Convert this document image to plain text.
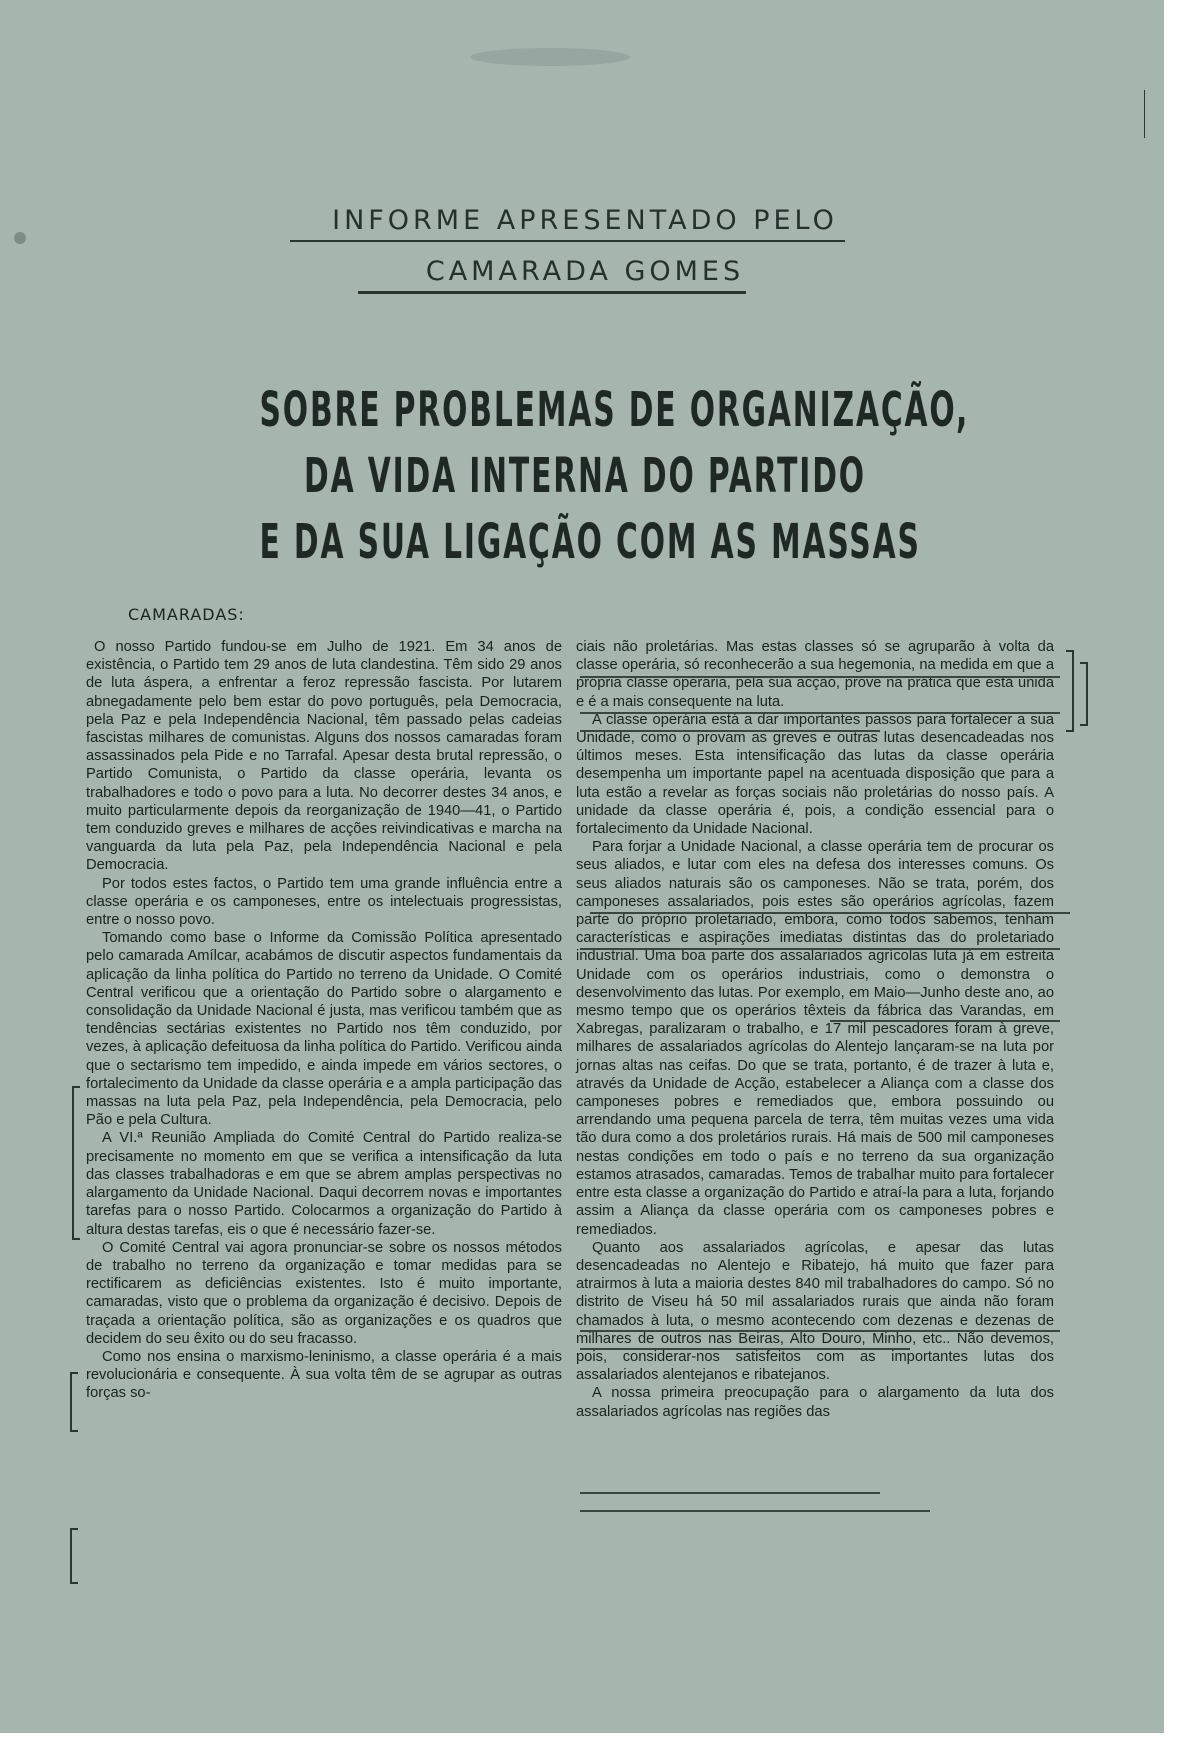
INFORME APRESENTADO PELO
CAMARADA GOMES
SOBRE PROBLEMAS DE ORGANIZAÇÃO,
DA VIDA INTERNA DO PARTIDO
E DA SUA LIGAÇÃO COM AS MASSAS
CAMARADAS:

O nosso Partido fundou-se em Julho de 1921. Em 34 anos de existência, o Partido tem 29 anos de luta clandestina. Têm sido 29 anos de luta áspera, a enfrentar a feroz repressão fascista. Por lutarem abnegadamente pelo bem estar do povo português, pela Democracia, pela Paz e pela Independência Nacional, têm passado pelas cadeias fascistas milhares de comunistas. Alguns dos nossos camaradas foram assassinados pela Pide e no Tarrafal. Apesar desta brutal repressão, o Partido Comunista, o Partido da classe operária, levanta os trabalhadores e todo o povo para a luta. No decorrer destes 34 anos, e muito particularmente depois da reorganização de 1940—41, o Partido tem conduzido greves e milhares de acções reivindicativas e marcha na vanguarda da luta pela Paz, pela Independência Nacional e pela Democracia.

Por todos estes factos, o Partido tem uma grande influência entre a classe operária e os camponeses, entre os intelectuais progressistas, entre o nosso povo.

Tomando como base o Informe da Comissão Política apresentado pelo camarada Amílcar, acabámos de discutir aspectos fundamentais da aplicação da linha política do Partido no terreno da Unidade. O Comité Central verificou que a orientação do Partido sobre o alargamento e consolidação da Unidade Nacional é justa, mas verificou também que as tendências sectárias existentes no Partido nos têm conduzido, por vezes, à aplicação defeituosa da linha política do Partido. Verificou ainda que o sectarismo tem impedido, e ainda impede em vários sectores, o fortalecimento da Unidade da classe operária e a ampla participação das massas na luta pela Paz, pela Independência, pela Democracia, pelo Pão e pela Cultura.

A VI.ª Reunião Ampliada do Comité Central do Partido realiza-se precisamente no momento em que se verifica a intensificação da luta das classes trabalhadoras e em que se abrem amplas perspectivas no alargamento da Unidade Nacional. Daqui decorrem novas e importantes tarefas para o nosso Partido. Colocarmos a organização do Partido à altura destas tarefas, eis o que é necessário fazer-se.

O Comité Central vai agora pronunciar-se sobre os nossos métodos de trabalho no terreno da organização e tomar medidas para se rectificarem as deficiências existentes. Isto é muito importante, camaradas, visto que o problema da organização é decisivo. Depois de traçada a orientação política, são as organizações e os quadros que decidem do seu êxito ou do seu fracasso.

Como nos ensina o marxismo-leninismo, a classe operária é a mais revolucionária e consequente. À sua volta têm de se agrupar as outras forças so-

ciais não proletárias. Mas estas classes só se agruparão à volta da classe operária, só reconhecerão a sua hegemonia, na medida em que a própria classe operária, pela sua acção, prove na prática que está unida e é a mais consequente na luta.

A classe operária está a dar importantes passos para fortalecer a sua Unidade, como o provam as greves e outras lutas desencadeadas nos últimos meses. Esta intensificação das lutas da classe operária desempenha um importante papel na acentuada disposição que para a luta estão a revelar as forças sociais não proletárias do nosso país. A unidade da classe operária é, pois, a condição essencial para o fortalecimento da Unidade Nacional.

Para forjar a Unidade Nacional, a classe operária tem de procurar os seus aliados, e lutar com eles na defesa dos interesses comuns. Os seus aliados naturais são os camponeses. Não se trata, porém, dos camponeses assalariados, pois estes são operários agrícolas, fazem parte do próprio proletariado, embora, como todos sabemos, tenham características e aspirações imediatas distintas das do proletariado industrial. Uma boa parte dos assalariados agrícolas luta já em estreita Unidade com os operários industriais, como o demonstra o desenvolvimento das lutas. Por exemplo, em Maio—Junho deste ano, ao mesmo tempo que os operários têxteis da fábrica das Varandas, em Xabregas, paralizaram o trabalho, e 17 mil pescadores foram à greve, milhares de assalariados agrícolas do Alentejo lançaram-se na luta por jornas altas nas ceifas. Do que se trata, portanto, é de trazer à luta e, através da Unidade de Acção, estabelecer a Aliança com a classe dos camponeses pobres e remediados que, embora possuindo ou arrendando uma pequena parcela de terra, têm muitas vezes uma vida tão dura como a dos proletários rurais. Há mais de 500 mil camponeses nestas condições em todo o país e no terreno da sua organização estamos atrasados, camaradas. Temos de trabalhar muito para fortalecer entre esta classe a organização do Partido e atraí-la para a luta, forjando assim a Aliança da classe operária com os camponeses pobres e remediados.

Quanto aos assalariados agrícolas, e apesar das lutas desencadeadas no Alentejo e Ribatejo, há muito que fazer para atrairmos à luta a maioria destes 840 mil trabalhadores do campo. Só no distrito de Viseu há 50 mil assalariados rurais que ainda não foram chamados à luta, o mesmo acontecendo com dezenas e dezenas de milhares de outros nas Beiras, Alto Douro, Minho, etc.. Não devemos, pois, considerar-nos satisfeitos com as importantes lutas dos assalariados alentejanos e ribatejanos.

A nossa primeira preocupação para o alargamento da luta dos assalariados agrícolas nas regiões das
